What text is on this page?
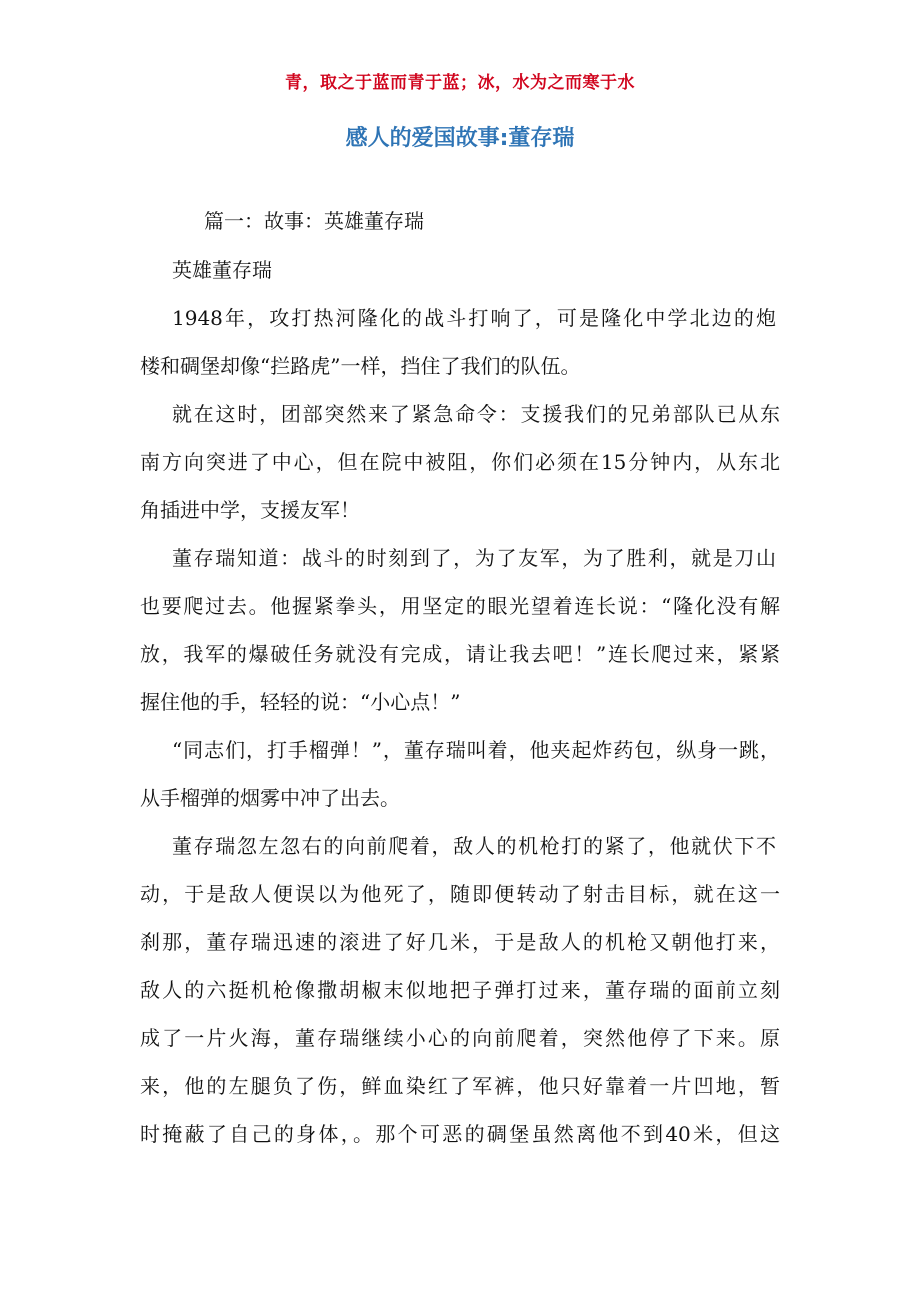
青，取之于蓝而青于蓝；冰，水为之而寒于水
感人的爱国故事:董存瑞
篇一：故事：英雄董存瑞
英雄董存瑞
1948年，攻打热河隆化的战斗打响了，可是隆化中学北边的炮
楼和碉堡却像“拦路虎”一样，挡住了我们的队伍。
就在这时，团部突然来了紧急命令：支援我们的兄弟部队已从东
南方向突进了中心，但在院中被阻，你们必须在15分钟内，从东北
角插进中学，支援友军！
董存瑞知道：战斗的时刻到了，为了友军，为了胜利，就是刀山
也要爬过去。他握紧拳头，用坚定的眼光望着连长说：“隆化没有解
放，我军的爆破任务就没有完成，请让我去吧！”连长爬过来，紧紧
握住他的手，轻轻的说：“小心点！”
“同志们，打手榴弹！”，董存瑞叫着，他夹起炸药包，纵身一跳，
从手榴弹的烟雾中冲了出去。
董存瑞忽左忽右的向前爬着，敌人的机枪打的紧了，他就伏下不
动，于是敌人便误以为他死了，随即便转动了射击目标，就在这一
刹那，董存瑞迅速的滚进了好几米，于是敌人的机枪又朝他打来，
敌人的六挺机枪像撒胡椒末似地把子弹打过来，董存瑞的面前立刻
成了一片火海，董存瑞继续小心的向前爬着，突然他停了下来。原
来，他的左腿负了伤，鲜血染红了军裤，他只好靠着一片凹地，暂
时掩蔽了自己的身体，。那个可恶的碉堡虽然离他不到40米，但这
